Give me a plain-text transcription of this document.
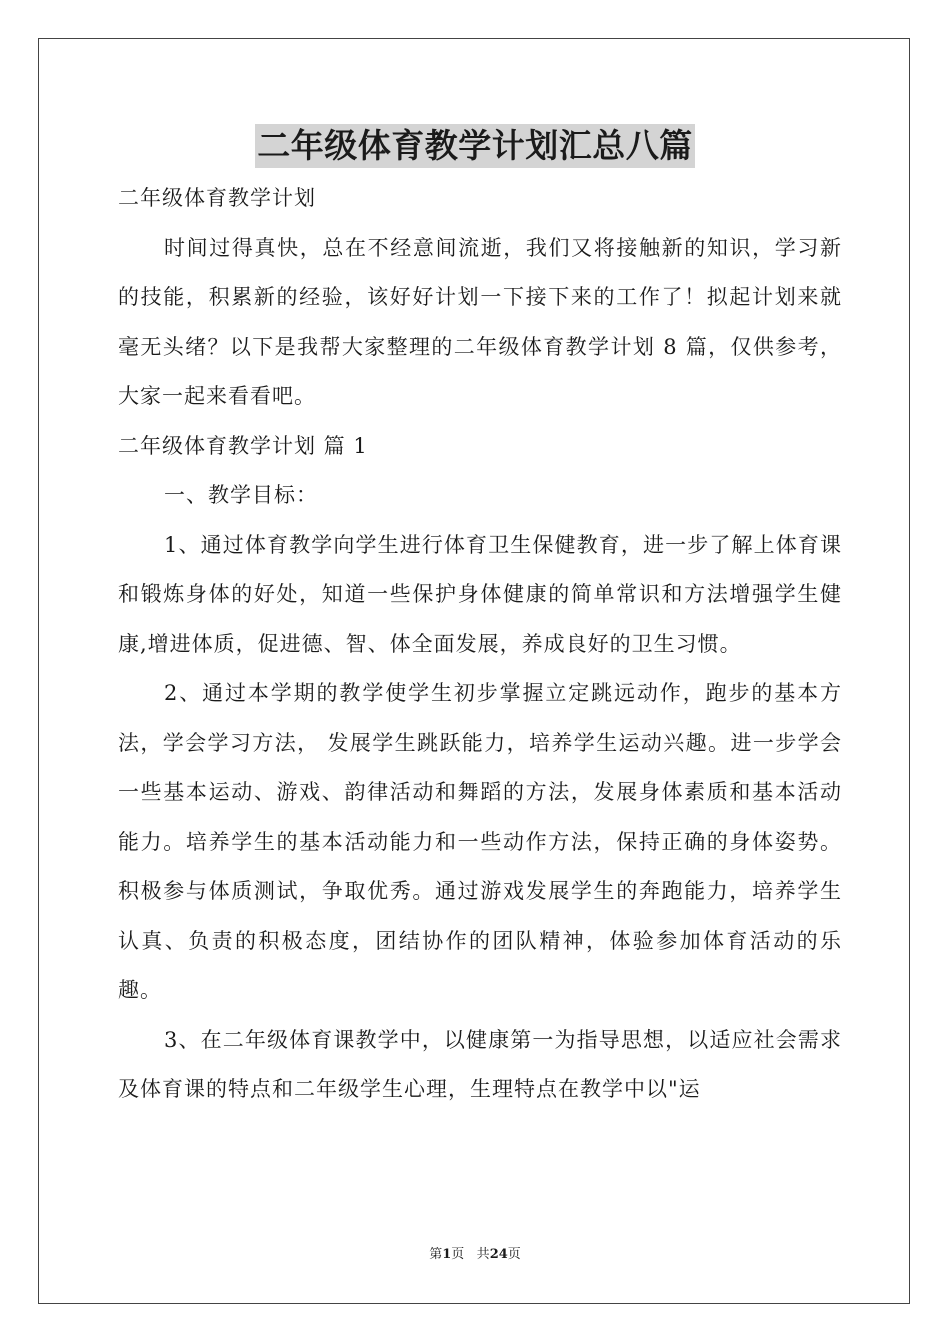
二年级体育教学计划汇总八篇

二年级体育教学计划

时间过得真快，总在不经意间流逝，我们又将接触新的知识，学习新的技能，积累新的经验，该好好计划一下接下来的工作了！拟起计划来就毫无头绪？以下是我帮大家整理的二年级体育教学计划 8 篇，仅供参考，大家一起来看看吧。

二年级体育教学计划 篇 1

一、教学目标：

1、通过体育教学向学生进行体育卫生保健教育，进一步了解上体育课和锻炼身体的好处，知道一些保护身体健康的简单常识和方法增强学生健康,增进体质，促进德、智、体全面发展，养成良好的卫生习惯。

2、通过本学期的教学使学生初步掌握立定跳远动作，跑步的基本方法，学会学习方法， 发展学生跳跃能力，培养学生运动兴趣。进一步学会一些基本运动、游戏、韵律活动和舞蹈的方法，发展身体素质和基本活动能力。培养学生的基本活动能力和一些动作方法，保持正确的身体姿势。积极参与体质测试，争取优秀。通过游戏发展学生的奔跑能力，培养学生认真、负责的积极态度，团结协作的团队精神，体验参加体育活动的乐趣。

3、在二年级体育课教学中，以健康第一为指导思想，以适应社会需求及体育课的特点和二年级学生心理，生理特点在教学中以"运

第1页 共24页
